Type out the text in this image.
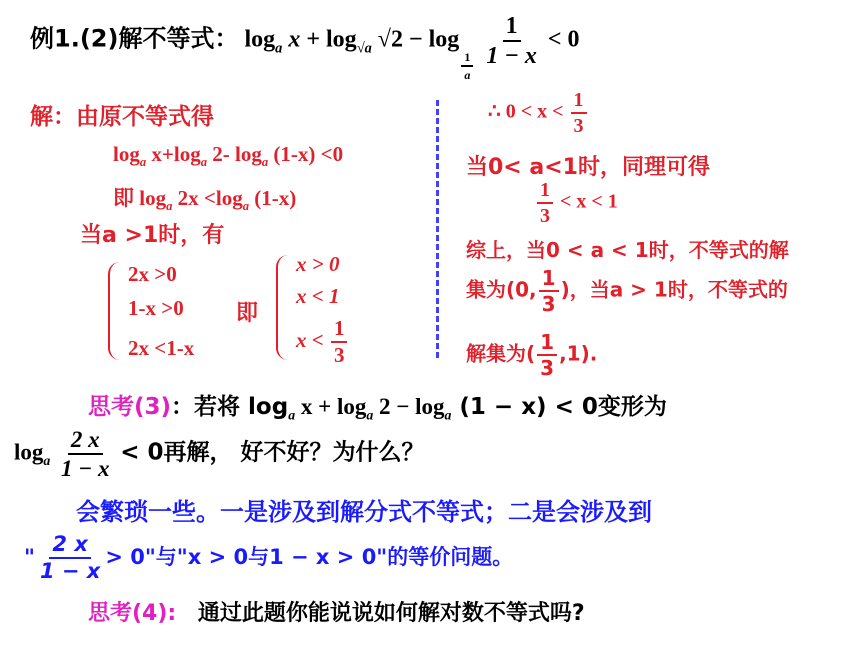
例1.(2)解不等式： $\log_a x + \log_{√a} √2 - \log$
$\frac{1}{a}$
$\frac{1}{1 - x} < 0$
解：由原不等式得
$\log_a x+\log_a$ 2- $\log_a (1-x) <0$
即 $\log_a 2x <\log_a$ (1-x)
当a >1时，有
2x >0
1-x >0
2x <1-x
即
x > 0
x < 1
$x < \frac{1}{3}$
∴ $0 < x < \frac{1}{3}$
当0< a<1时，同理可得
$\frac{1}{3} < x < 1$
综上，当0 < a < 1时，不等式的解
集为(0, $\frac{1}{3}$ )，当a > 1时，不等式的
解集为( $\frac{1}{3} ,1$).
思考(3)：若将 $\log_a x + \log_a 2 - \log_a (1 - x) < 0$变形为
$\log_a \frac{2 x}{1 - x} < 0$再解， 好不好？为什么？
会繁琐一些。一是涉及到解分式不等式；二是会涉及到
" $\frac{2 x}{1 - x} > 0$"与"x > 0与1 − x > 0"的等价问题。
思考(4): 通过此题你能说说如何解对数不等式吗?
